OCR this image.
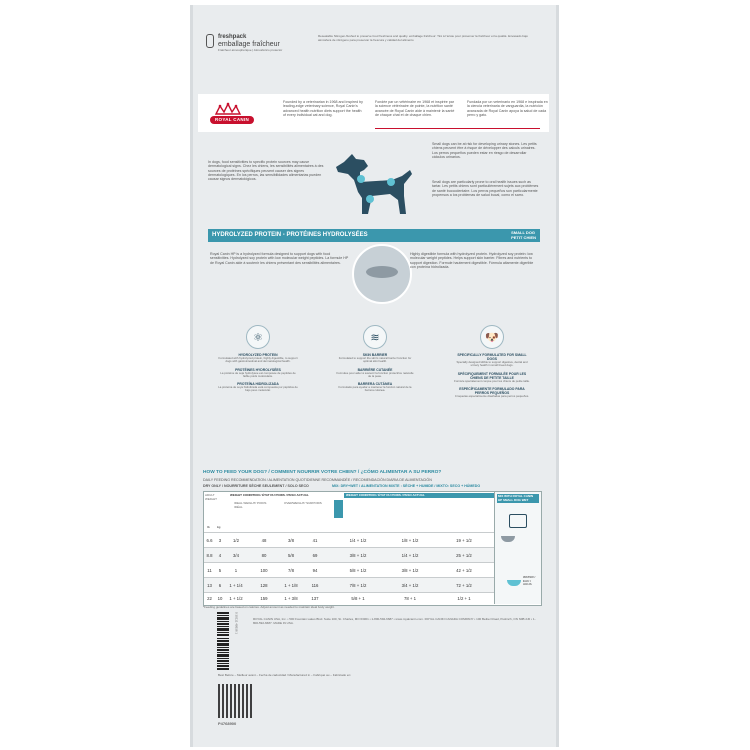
freshpack
emballage fraîcheur
Fraîcheur atmosphérique | Atmosférico protector
Resealable Nitrogen-flushed to preserve food freshness and quality. emballage fraîcheur: Tiré à l'azote pour préserver la fraîcheur et la qualité. Envasado bajo atmósfera de nitrógeno para preservar la frescura y calidad del alimento
ROYAL CANIN
Founded by a veterinarian in 1968 and inspired by leading-edge veterinary science, Royal Canin's advanced health nutrition diets support the health of every individual cat and dog.
Fondée par un vétérinaire en 1968 et inspirée par la science vétérinaire de pointe, la nutrition santé avancée de Royal Canin aide à maintenir la santé de chaque chat et de chaque chien.
Fundada por un veterinario en 1968 e inspirada en la ciencia veterinaria de vanguardia, la nutrición avanzada de Royal Canin apoya la salud de cada perro y gato.
In dogs, food sensitivities to specific protein sources may cause dermatological signs. Chez les chiens, les sensibilités alimentaires à des sources de protéines spécifiques peuvent causer des signes dermatologiques. En los perros, las sensibilidades alimentarias pueden causar signos dermatológicos.
Small dogs can be at risk for developing urinary stones. Les petits chiens peuvent être à risque de développer des calculs urinaires. Los perros pequeños pueden estar en riesgo de desarrollar cálculos urinarios.
Small dogs are particularly prone to oral health issues such as tartar. Les petits chiens sont particulièrement sujets aux problèmes de santé buccodentaire. Los perros pequeños son particularmente propensos a los problemas de salud bucal, como el sarro.
HYDROLYZED PROTEIN - PROTÉINES HYDROLYSÉES	SMALL DOG
PETIT CHIEN
Royal Canin HP is a hydrolyzed formula designed to support dogs with food sensitivities. Hydrolyzed soy protein with low molecular weight peptides. La formule HP de Royal Canin aide à soutenir les chiens présentant des sensibilités alimentaires.
Highly digestible formula with hydrolyzed protein. Hydrolyzed soy protein: low molecular weight peptides. Helps support skin barrier. Fibres and nutrients to support digestion. Formule hautement digestible. Fórmula altamente digerible con proteína hidrolizada.
⚛
HYDROLYZED PROTEIN
Formulated with hydrolyzed protein, highly digestible, to support dogs with gastrointestinal and dermatological health.
PROTÉINES HYDROLYSÉES
La protéine de soja hydrolysée est composée de peptides de faible poids moléculaire.
PROTEÍNA HIDROLIZADA
La proteína de soya hidrolizada está compuesta por péptidos de bajo peso molecular.
≋
SKIN BARRIER
Formulated to support the skin's natural barrier function for optimal skin health.
BARRIÈRE CUTANÉE
Formulée pour aider à soutenir la fonction protectrice naturelle de la peau.
BARRERA CUTÁNEA
Formulado para ayudar a mantener la función natural de la barrera cutánea.
🐶
SPECIFICALLY FORMULATED FOR SMALL DOGS
Specially designed kibble to support digestive, dental and urinary health in small breed dogs.
SPÉCIFIQUEMENT FORMULÉE POUR LES CHIENS DE PETITE TAILLE
Formule spécialement conçue pour les chiens de petite taille.
ESPECÍFICAMENTE FORMULADO PARA PERROS PEQUEÑOS
Croquetas especialmente diseñadas para perros pequeños.
HOW TO FEED YOUR DOG? / COMMENT NOURRIR VOTRE CHIEN? / ¿CÓMO ALIMENTAR A SU PERRO?
DAILY FEEDING RECOMMENDATION / ALIMENTATION QUOTIDIENNE RECOMMANDÉE / RECOMENDACIÓN DIARIA DE ALIMENTACIÓN
DRY ONLY / NOURRITURE SÈCHE SEULEMENT / SOLO SECO	MIX: DRY+WET / ALIMENTATION MIXTE : SÈCHE + HUMIDE / MIXTO: SECO + HÚMEDO
WEIGHT CONDITION / ÉTAT DU POIDS / PESO ACTUAL	WEIGHT CONDITION / ÉTAT DU POIDS / PESO ACTUAL
ADULT WEIGHT
IDEAL WEIGHT/ POIDS IDÉAL
OVERWEIGHT/ SURPOIDS
lb kg
6.6	3	1/2	48	3/8	41	1/4 + 1/2	1/8 + 1/2	19 + 1/2
8.8	4	3/4	80	5/8	69	3/8 + 1/2	1/4 + 1/2	25 + 1/2
11	5	1	100	7/8	94	5/8 + 1/2	3/8 + 1/2	42 + 1/2
13	6	1 + 1/4	128	1 + 1/8	116	7/8 + 1/2	3/4 + 1/2	72 + 1/2
22	10	1 + 1/2	159	1 + 3/8	137	5/8 + 1	78 + 1	1/2 + 1
MIX WITH ROYAL CANIN HP SMALL DOG WET
WATER / EAU / AGUA
*Feeding guidelines are based on calories. Adjust amount as needed to maintain ideal body weight.
0 30111 49538 1	ROYAL CANIN USA, Inc. • 500 Fountain Lakes Blvd. Suite 100, St. Charles, MO 63301 • 1-800-592-6687 • www.royalcanin.com. ROYAL CANIN CANADA COMPANY • 100 Beiber Road, Puslinch, ON N0B 2J0 • 1-800-592-6687. MADE IN USA.
Best Before – Meilleur avant – Fecha de caducidad / Manufactured in – Fabriqué au – Fabricado en:
P4768900
